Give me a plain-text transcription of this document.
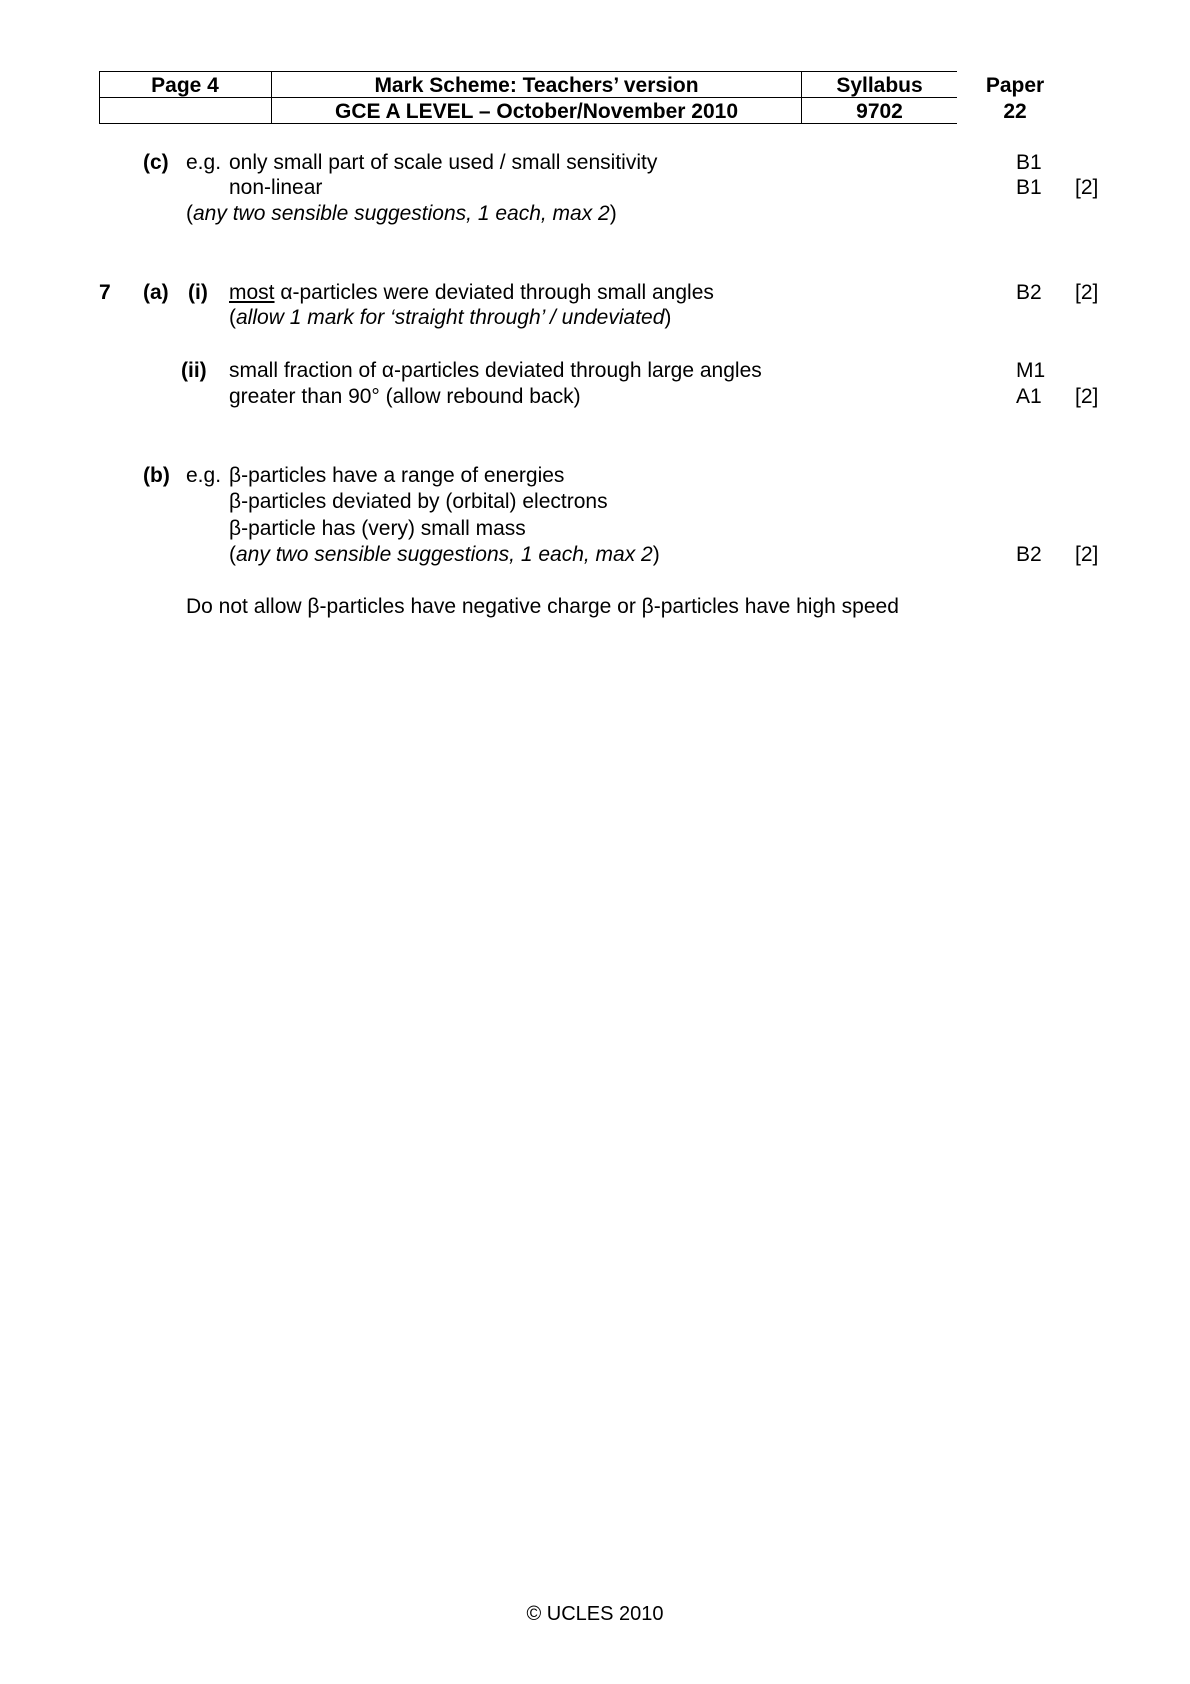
Page 4	Mark Scheme: Teachers’ version
GCE A LEVEL – October/November 2010
Syllabus
9702
Paper
22
(c) e.g. only small part of scale used / small sensitivity
non-linear
(any two sensible suggestions, 1 each, max 2)
B1
B1 [2]
7 (a) (i) most α-particles were deviated through small angles
(allow 1 mark for ‘straight through’ / undeviated)
B2 [2]
(ii) small fraction of α-particles deviated through large angles
greater than 90° (allow rebound back)
M1
A1 [2]
(b) e.g. β-particles have a range of energies
β-particles deviated by (orbital) electrons
β-particle has (very) small mass
(any two sensible suggestions, 1 each, max 2)	B2 [2]
Do not allow β-particles have negative charge or β-particles have high speed
© UCLES 2010
